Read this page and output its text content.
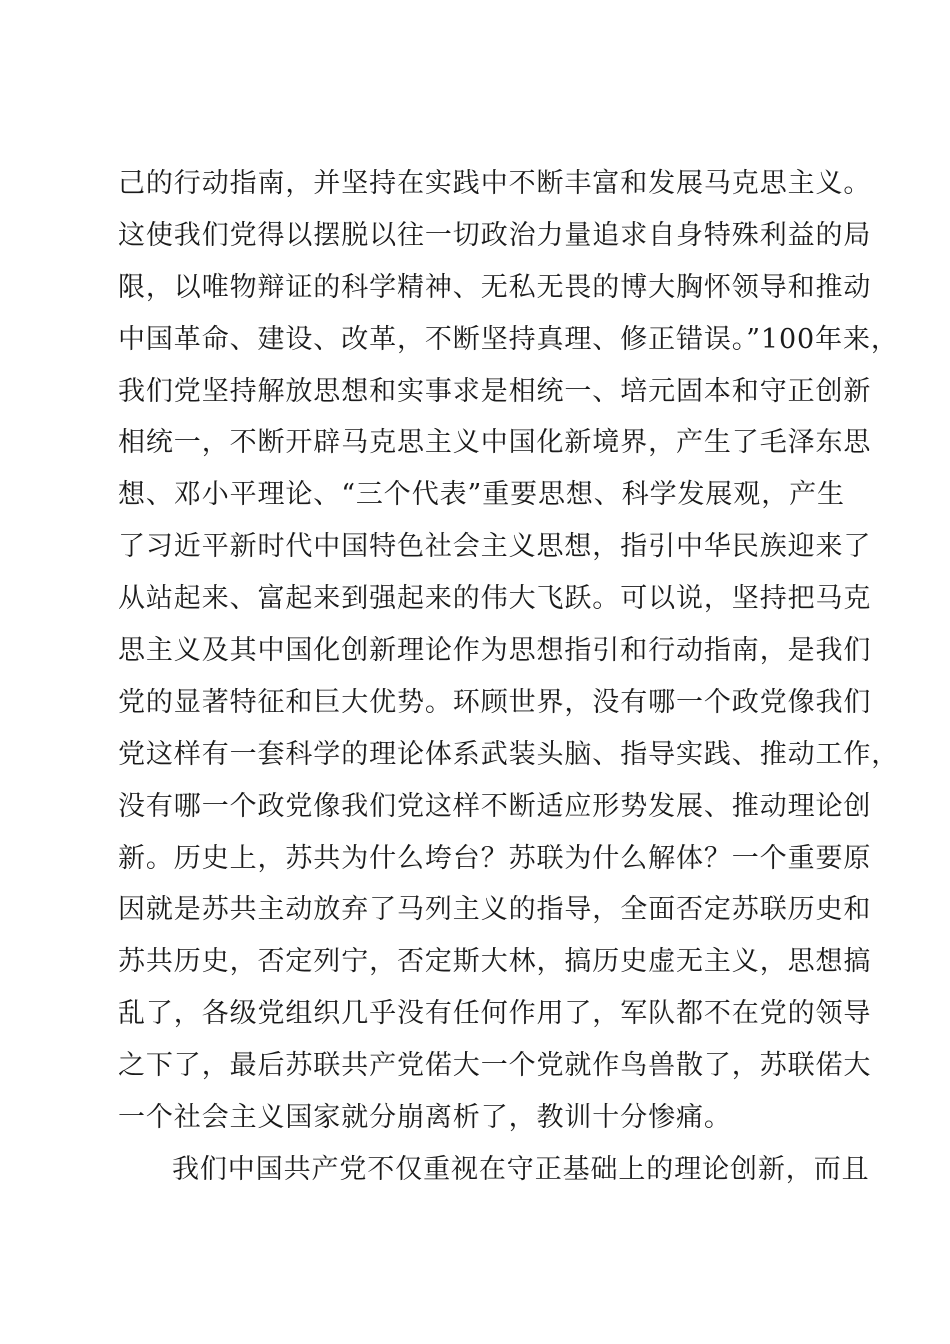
己的行动指南，并坚持在实践中不断丰富和发展马克思主义。
这使我们党得以摆脱以往一切政治力量追求自身特殊利益的局
限，以唯物辩证的科学精神、无私无畏的博大胸怀领导和推动
中国革命、建设、改革，不断坚持真理、修正错误。”100年来，
我们党坚持解放思想和实事求是相统一、培元固本和守正创新
相统一，不断开辟马克思主义中国化新境界，产生了毛泽东思
想、邓小平理论、“三个代表”重要思想、科学发展观，产生
了习近平新时代中国特色社会主义思想，指引中华民族迎来了
从站起来、富起来到强起来的伟大飞跃。可以说，坚持把马克
思主义及其中国化创新理论作为思想指引和行动指南，是我们
党的显著特征和巨大优势。环顾世界，没有哪一个政党像我们
党这样有一套科学的理论体系武装头脑、指导实践、推动工作，
没有哪一个政党像我们党这样不断适应形势发展、推动理论创
新。历史上，苏共为什么垮台？苏联为什么解体？一个重要原
因就是苏共主动放弃了马列主义的指导，全面否定苏联历史和
苏共历史，否定列宁，否定斯大林，搞历史虚无主义，思想搞
乱了，各级党组织几乎没有任何作用了，军队都不在党的领导
之下了，最后苏联共产党偌大一个党就作鸟兽散了，苏联偌大
一个社会主义国家就分崩离析了，教训十分惨痛。
我们中国共产党不仅重视在守正基础上的理论创新，而且
